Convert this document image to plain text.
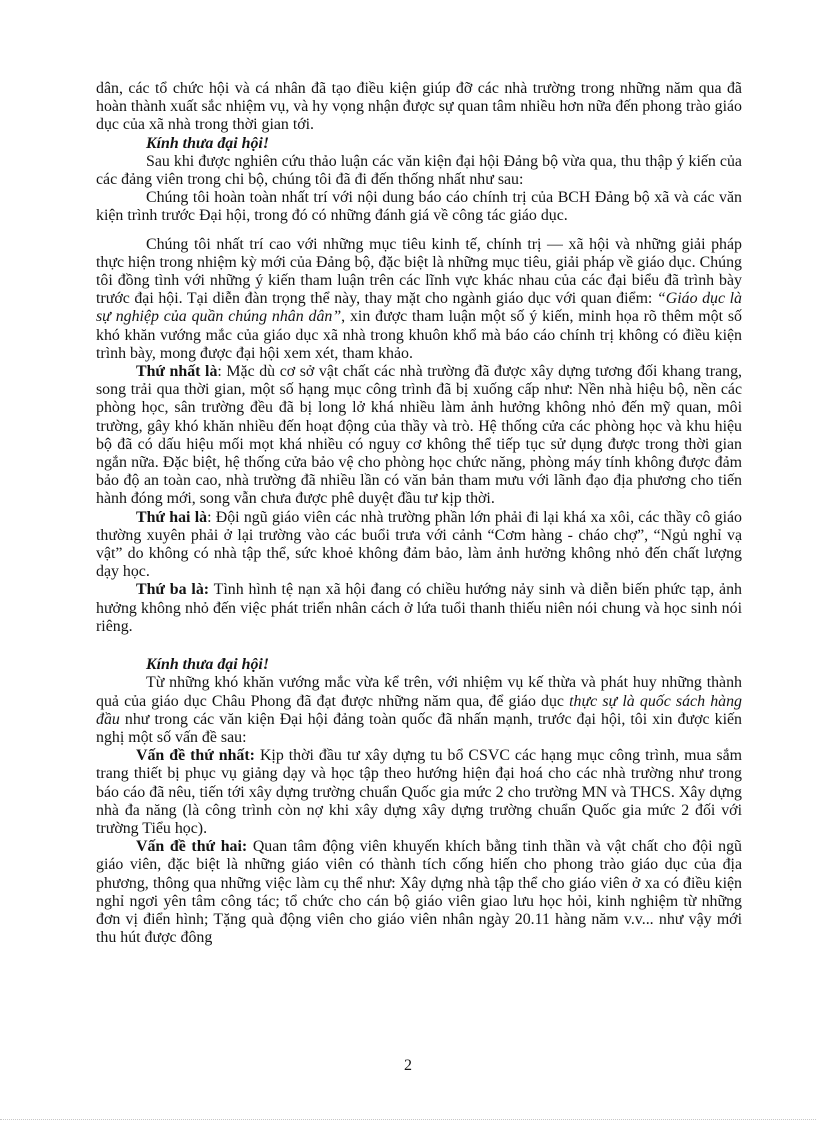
dân, các tổ chức hội và cá nhân đã tạo điều kiện giúp đỡ các nhà trường trong những năm qua đã hoàn thành xuất sắc nhiệm vụ, và hy vọng nhận được sự quan tâm nhiều hơn nữa đến phong trào giáo dục của xã nhà trong thời gian tới.

Kính thưa đại hội!

Sau khi được nghiên cứu thảo luận các văn kiện đại hội Đảng bộ vừa qua, thu thập ý kiến của các đảng viên trong chi bộ, chúng tôi đã đi đến thống nhất như sau:

Chúng tôi hoàn toàn nhất trí với nội dung báo cáo chính trị của BCH Đảng bộ xã và các văn kiện trình trước Đại hội, trong đó có những đánh giá về công tác giáo dục.

Chúng tôi nhất trí cao với những mục tiêu kinh tế, chính trị — xã hội và những giải pháp thực hiện trong nhiệm kỳ mới của Đảng bộ, đặc biệt là những mục tiêu, giải pháp về giáo dục. Chúng tôi đồng tình với những ý kiến tham luận trên các lĩnh vực khác nhau của các đại biểu đã trình bày trước đại hội. Tại diễn đàn trọng thể này, thay mặt cho ngành giáo dục với quan điểm: “Giáo dục là sự nghiệp của quần chúng nhân dân”, xin được tham luận một số ý kiến, minh họa rõ thêm một số khó khăn vướng mắc của giáo dục xã nhà trong khuôn khổ mà báo cáo chính trị không có điều kiện trình bày, mong được đại hội xem xét, tham khảo.

Thứ nhất là: Mặc dù cơ sở vật chất các nhà trường đã được xây dựng tương đối khang trang, song trải qua thời gian, một số hạng mục công trình đã bị xuống cấp như: Nền nhà hiệu bộ, nền các phòng học, sân trường đều đã bị long lở khá nhiều làm ảnh hưởng không nhỏ đến mỹ quan, môi trường, gây khó khăn nhiều đến hoạt động của thầy và trò. Hệ thống cửa các phòng học và khu hiệu bộ đã có dấu hiệu mối mọt khá nhiều có nguy cơ không thể tiếp tục sử dụng được trong thời gian ngắn nữa. Đặc biệt, hệ thống cửa bảo vệ cho phòng học chức năng, phòng máy tính không được đảm bảo độ an toàn cao, nhà trường đã nhiều lần có văn bản tham mưu với lãnh đạo địa phương cho tiến hành đóng mới, song vẫn chưa được phê duyệt đầu tư kịp thời.

Thứ hai là: Đội ngũ giáo viên các nhà trường phần lớn phải đi lại khá xa xôi, các thầy cô giáo thường xuyên phải ở lại trường vào các buổi trưa với cảnh “Cơm hàng - cháo chợ”, “Ngủ nghỉ vạ vật” do không có nhà tập thể, sức khoẻ không đảm bảo, làm ảnh hưởng không nhỏ đến chất lượng dạy học.

Thứ ba là: Tình hình tệ nạn xã hội đang có chiều hướng nảy sinh và diễn biến phức tạp, ảnh hưởng không nhỏ đến việc phát triển nhân cách ở lứa tuổi thanh thiếu niên nói chung và học sinh nói riêng.

Kính thưa đại hội!

Từ những khó khăn vướng mắc vừa kể trên, với nhiệm vụ kế thừa và phát huy những thành quả của giáo dục Châu Phong đã đạt được những năm qua, để giáo dục thực sự là quốc sách hàng đầu như trong các văn kiện Đại hội đảng toàn quốc đã nhấn mạnh, trước đại hội, tôi xin được kiến nghị một số vấn đề sau:

Vấn đề thứ nhất: Kịp thời đầu tư xây dựng tu bổ CSVC các hạng mục công trình, mua sắm trang thiết bị phục vụ giảng dạy và học tập theo hướng hiện đại hoá cho các nhà trường như trong báo cáo đã nêu, tiến tới xây dựng trường chuẩn Quốc gia mức 2 cho trường MN và THCS. Xây dựng nhà đa năng (là công trình còn nợ khi xây dựng xây dựng trường chuẩn Quốc gia mức 2 đối với trường Tiểu học).

Vấn đề thứ hai: Quan tâm động viên khuyến khích bằng tinh thần và vật chất cho đội ngũ giáo viên, đặc biệt là những giáo viên có thành tích cống hiến cho phong trào giáo dục của địa phương, thông qua những việc làm cụ thể như: Xây dựng nhà tập thể cho giáo viên ở xa có điều kiện nghỉ ngơi yên tâm công tác; tổ chức cho cán bộ giáo viên giao lưu học hỏi, kinh nghiệm từ những đơn vị điển hình; Tặng quà động viên cho giáo viên nhân ngày 20.11 hàng năm v.v... như vậy mới thu hút được đông

2
